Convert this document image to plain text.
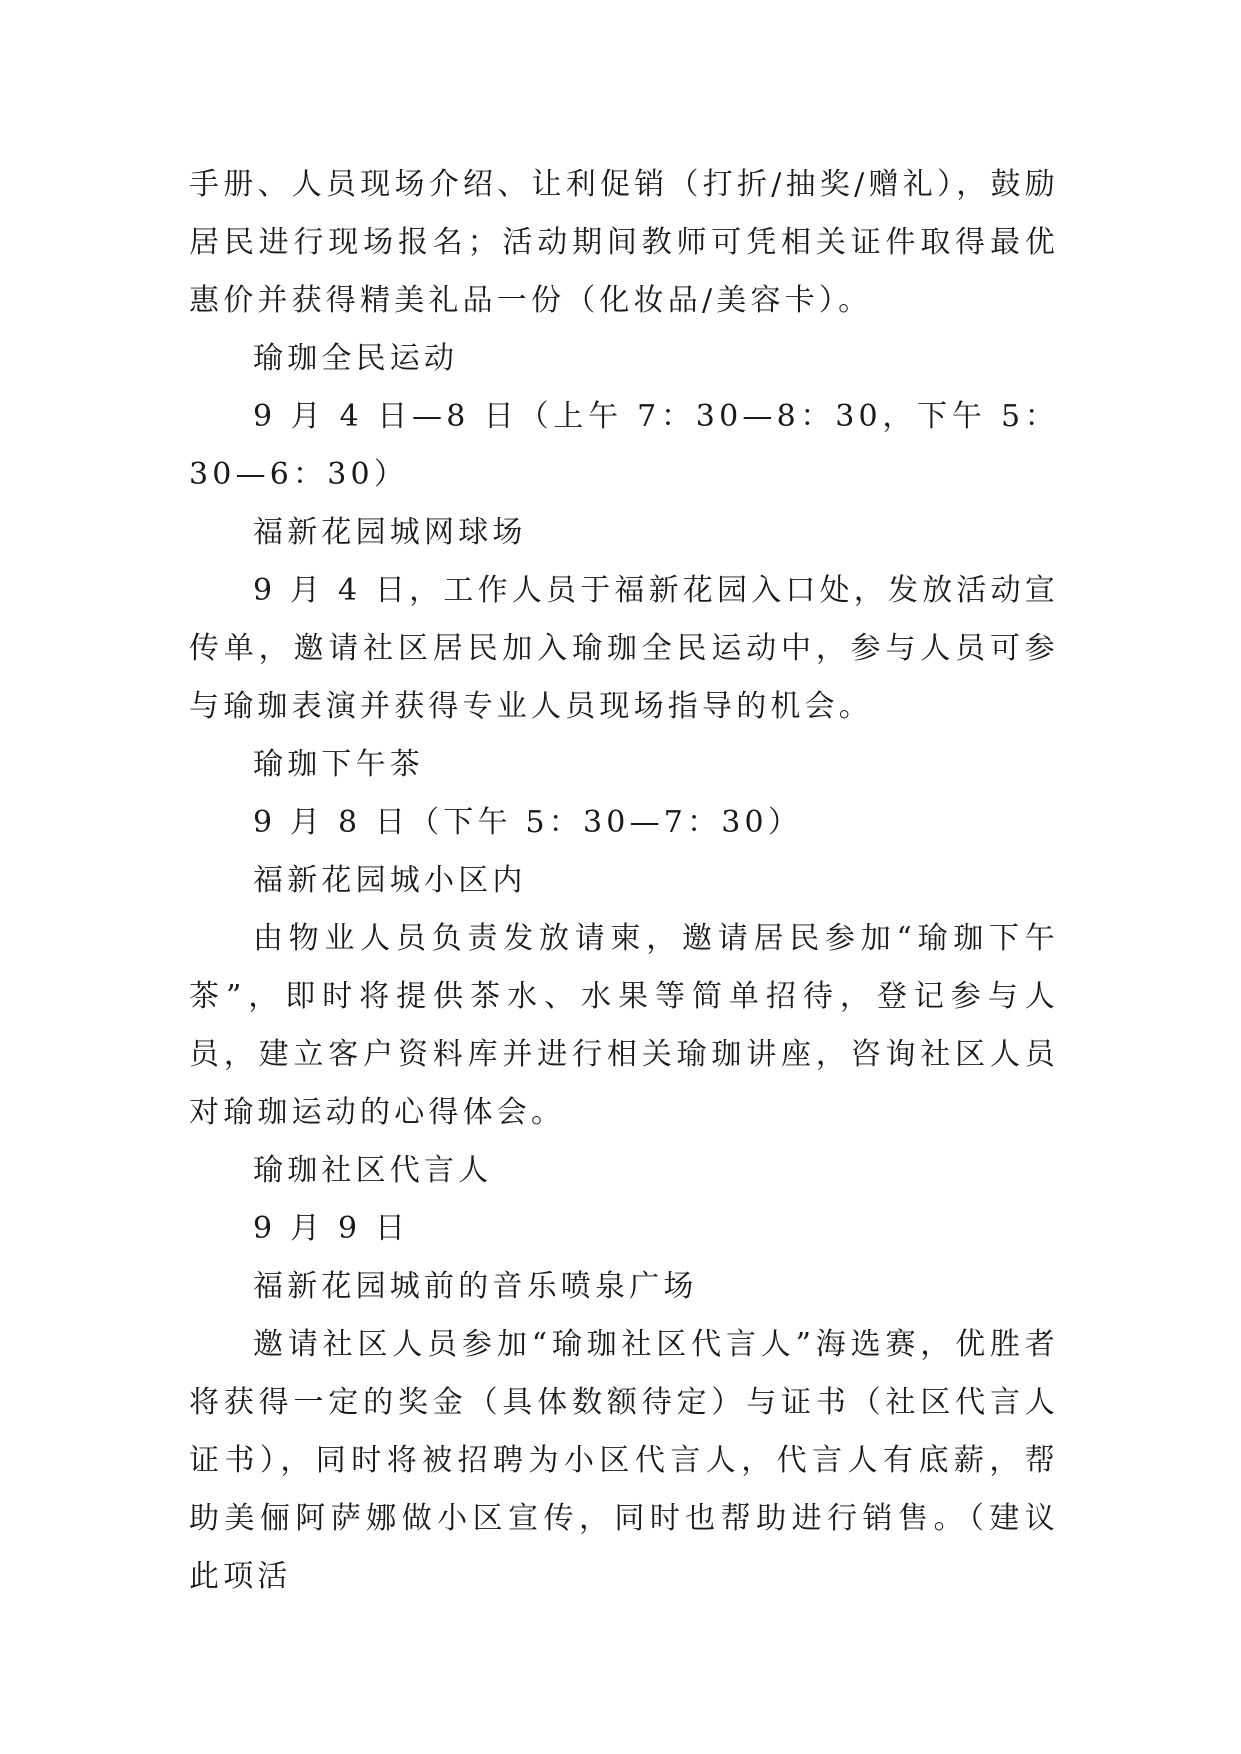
手册、人员现场介绍、让利促销（打折/抽奖/赠礼），鼓励居民进行现场报名；活动期间教师可凭相关证件取得最优惠价并获得精美礼品一份（化妆品/美容卡）。

瑜珈全民运动

9 月 4 日—8 日（上午 7：30—8：30，下午 5：30—6：30）

福新花园城网球场

9 月 4 日，工作人员于福新花园入口处，发放活动宣传单，邀请社区居民加入瑜珈全民运动中，参与人员可参与瑜珈表演并获得专业人员现场指导的机会。

瑜珈下午茶

9 月 8 日（下午 5：30—7：30）

福新花园城小区内

由物业人员负责发放请柬，邀请居民参加“瑜珈下午茶”，即时将提供茶水、水果等简单招待，登记参与人员，建立客户资料库并进行相关瑜珈讲座，咨询社区人员对瑜珈运动的心得体会。

瑜珈社区代言人

9 月 9 日

福新花园城前的音乐喷泉广场

邀请社区人员参加“瑜珈社区代言人”海选赛，优胜者将获得一定的奖金（具体数额待定）与证书（社区代言人证书），同时将被招聘为小区代言人，代言人有底薪，帮助美俪阿萨娜做小区宣传，同时也帮助进行销售。（建议此项活
